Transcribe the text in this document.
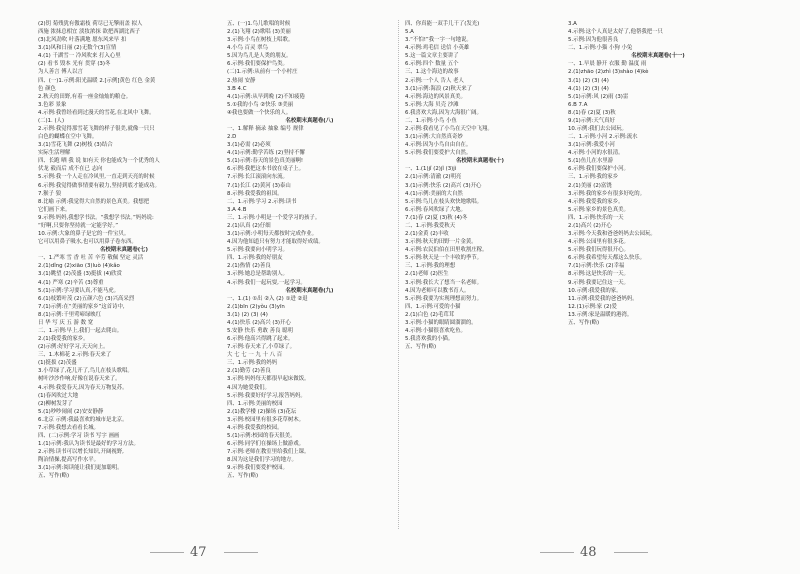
(2)钥 菊残犹有傲霜枝 荷尽已无擎雨盖 拟人
西施 浓抹总相宜 淡妆浓抹 欲把西湖比西子
(3)北风劲吹 叶落满地 愿东风来早 扣
3.(1)风和日丽 (2)无数个(3)宣情
4.(1) 千湖雪一 冷风吹来 打入心里
(2) 看书 毁本 光有 贯穿 (3)冬
为人善言 傅人以言
四、(一)1.示例:阳光温暖 2.[示例]黄色 红色 金黄
色 颜色
2.秋天的田野,有着一座金灿灿的粮仓。
3.色彩 景象
4.示例:我曾经看到过漫天的雪花,在北风中飞舞。
(二)1. (人)
2.示例:我觉得那雪花飞舞的样子很美,就像一只只
白色的蝴蝶在空中飞舞。
3.(1)雪花飞舞 (2)树枝 (3)结合
实际生活理解
四、长跑 晒 我 说 如有天 你也能成为一个优秀的人
伏龙 毅而后 成不在已 志向
5.示例:我一个人走在冷风里,一直走到天亮的时候
6.示例:我觉得做事情要有毅力,坚持到底才能成功。
7.猴子 狼
8.比喻 示例:我觉得大自然的景色真美。我想把
它们画下来。
9.示例:妈妈,我想学书法。“我想学书法。”妈妈说:
“好啊,只要你坚持就一定能学好。”
10.示例:大象的鼻子是它的一件宝贝。
它可以用鼻子吸水,也可以用鼻子卷东西。
名校期末真题卷(七)
一、1.严寒 雪 香 吐 苦 辛劳 敬佩 坚定 灵活
2.(1)dǐng (2)xiāo (3)luò (4)kǎo
3.(1)眺望 (2)茂盛 (3)挺拔 (4)欣赏
4.(1) 严寒 (2)辛苦 (3)尊重
5.(1)示例:学习要认真,不能马虎。
6.(1)枝繁叶茂 (2)五颜六色 (3)兴高采烈
7.(1)示例:在“美丽的家乡”这首诗中,
8.(1)示例:千里莺啼绿映红
日 华 写 庆 五 游 数 宽
二、1.示例:早上,我们一起去爬山。
2.(1)我爱我的家乡。
(2)示例:好好学习,天天向上。
三、1.木棉花 2.示例:春天来了
(1)挺拔 (2)茂盛
3.小草绿了,花儿开了,鸟儿在枝头歌唱。
树叶沙沙作响,好像在说春天来了。
4.示例:我爱春天,因为春天万物复苏。
(1)春风吹过大地
(2)柳树发芽了
5.(1)吵吵闹闹 (2)安安静静
6.北京 示例:我最喜欢的城市是北京。
7.示例:我想去看看长城。
四、(二)示例:学习 读书 写字 画画
1.(1)示例:我认为读书是最好的学习方法。
2.示例:读书可以增长知识,开阔视野,
陶冶情操,提高写作水平。
3.(1)示例:阅读能让我们更加聪明。
五、写作(略)
五、(一)1.鸟儿歌唱的时候
2.(1)飞翔 (2)歌唱 (3)美丽
3.示例:小鸟在树枝上唱歌。
4.小鸟 百灵 翠鸟
5.因为鸟儿是人类的朋友。
6.示例:我们要保护鸟类。
(二)1.示例:从前有一个小村庄
2.热闹 安静
3.B 4.C
4.(1)示例:从早到晚 (2)不知疲倦
5.①我的小鸟 ②快乐 ③美丽
④我也要做一个快乐的人。
名校期末真题卷(八)
一、1.解释 摘录 抽象 编号 规律
2.D
3.(1)必需 (2)必须
4.(1)示例:勤学苦练 (2)坚持不懈
5.(1)示例:春天的景色真美丽啊!
6.示例:我把这本书放在桌子上。
7.示例:长江滚滚向东流。
7.(1)长江 (2)黄河 (3)泰山
8.示例:我爱我的祖国。
二、1.示例:学习 2.示例:读书
3.A 4.B
三、1.示例:小明是一个爱学习的孩子。
2.(1)认真 (2)仔细
3.(1)示例:小明每天都按时完成作业。
4.因为他知道只有努力才能取得好成绩。
5.示例:我要向小明学习。
四、1.示例:我的好朋友
2.(1)热情 (2)善良
3.示例:她总是帮助别人。
4.示例:我们一起玩耍,一起学习。
名校期末真题卷(九)
一、1.(1) ①出 ②入 (2) ①进 ②退
2.(1)bīn (2)yǒu (3)yīn
3.(1) (2) (3) (4)
4.(1)快乐 (2)高兴 (3)开心
5.安静 快乐 勇敢 善良 聪明
6.示例:他高兴得跳了起来。
7.示例:春天来了,小草绿了。
大 七 七 一 九 十 八 百
三、1.示例:我的妈妈
2.(1)勤劳 (2)善良
3.示例:妈妈每天都很早起床做饭。
4.因为她爱我们。
5.示例:我要好好学习,报答妈妈。
四、1.示例:美丽的校园
2.(1)教学楼 (2)操场 (3)花坛
3.示例:校园里有很多花草树木。
4.示例:我爱我的校园。
5.(1)示例:校园的春天很美。
6.示例:同学们在操场上做游戏。
7.示例:老师在教室里给我们上课。
8.因为这是我们学习的地方。
9.示例:我们要爱护校园。
五、写作(略)
47
四、你真能一双手儿干了(发光)
5.A
3.“不怕!”我一字一句地说。
4.示例:鸡毛信 送信 小英雄
5.这一篇文章主要讲了
6.示例:四个 数量 五个
三、1.这个海边的故事
2.示例:一个人 告人 老人
3.(1)示例:海浪 (2)秋天来了
4.示例:海边的风景真美。
5.示例:大海 贝壳 沙滩
6.我喜欢大海,因为大海很广阔。
二、1.示例:小鸟 小鱼
2.示例:我看见了小鸟在天空中飞翔。
3.(1)示例:大自然真奇妙
4.示例:因为小鸟自由自在。
5.示例:我们要爱护大自然。
名校期末真题卷(十)
一、1.(1)jǐ (2)jǐ (3)jì
2.(1)示例:清澈 (2)明亮
3.(1)示例:快乐 (2)高兴 (3)开心
4.(1)示例:美丽的大自然
5.示例:鸟儿在枝头欢快地歌唱。
6.示例:春风吹绿了大地。
7.(1)春 (2)夏 (3)秋 (4)冬
二、1.示例:我爱秋天
2.(1)金黄 (2)丰收
3.示例:秋天的田野一片金黄。
4.示例:农民伯伯在田里收割庄稼。
5.示例:秋天是一个丰收的季节。
三、1.示例:我的理想
2.(1)老师 (2)医生
3.示例:我长大了想当一名老师。
4.因为老师可以教书育人。
5.示例:我要为实现理想而努力。
四、1.示例:可爱的小猫
2.(1)白色 (2)毛茸茸
3.示例:小猫的眼睛圆溜溜的。
4.示例:小猫很喜欢吃鱼。
5.我喜欢我的小猫。
五、写作(略)
3.A
4.示例:这个人真是太好了,他帮我把一只
5.示例:因为他很善良
二、1.示例:小猫 小狗 小兔
名校期末真题卷(十一)
一、1.早晨 静开 衣服 勤 温度 雨
2.(1)zhāo (2)zhì (3)shào (4)kè
3.(1) (2) (3) (4)
4.(1) (2) (3) (4)
5.(1)示例:风 (2)雨 (3)雷
6.B 7.A
8.(1)春 (2)夏 (3)秋
9.(1)示例:天气真好
10.示例:我们去公园玩。
二、1.示例:小河 2.示例:流水
3.(1)示例:我爱小河
4.示例:小河的水很清。
5.(1)鱼儿在水里游
6.示例:我们要保护小河。
三、1.示例:我的家乡
2.(1)美丽 (2)富饶
3.示例:我的家乡有很多好吃的。
4.示例:我爱我的家乡。
5.示例:家乡的景色真美。
四、1.示例:快乐的一天
2.(1)高兴 (2)开心
3.示例:今天我和爸爸妈妈去公园玩。
4.示例:公园里有很多花。
5.示例:我们玩得很开心。
6.示例:我希望每天都这么快乐。
7.(1)示例:快乐 (2)幸福
8.示例:这是快乐的一天。
9.示例:我要记住这一天。
10.示例:我爱我的家。
11.示例:我爱我的爸爸妈妈。
12.(1)示例:家 (2)爱
13.示例:家是温暖的港湾。
五、写作(略)
48
